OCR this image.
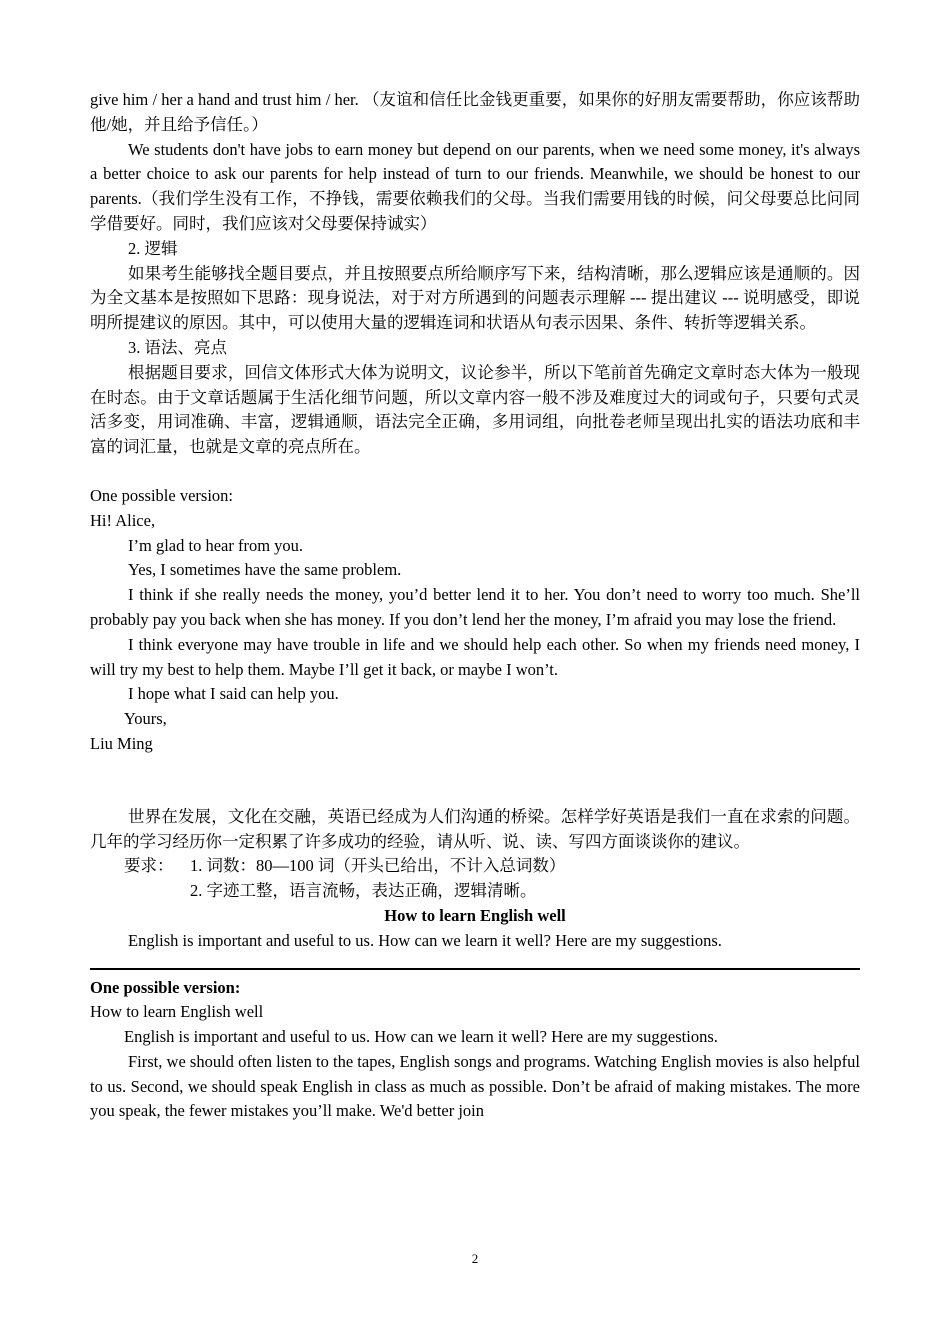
give him / her a hand and trust him / her. （友谊和信任比金钱更重要，如果你的好朋友需要帮助，你应该帮助他/她，并且给予信任。）

We students don't have jobs to earn money but depend on our parents, when we need some money, it's always a better choice to ask our parents for help instead of turn to our friends. Meanwhile, we should be honest to our parents.（我们学生没有工作，不挣钱，需要依赖我们的父母。当我们需要用钱的时候，问父母要总比问同学借要好。同时，我们应该对父母要保持诚实）

2. 逻辑

如果考生能够找全题目要点，并且按照要点所给顺序写下来，结构清晰，那么逻辑应该是通顺的。因为全文基本是按照如下思路：现身说法，对于对方所遇到的问题表示理解 --- 提出建议 --- 说明感受，即说明所提建议的原因。其中，可以使用大量的逻辑连词和状语从句表示因果、条件、转折等逻辑关系。

3. 语法、亮点

根据题目要求，回信文体形式大体为说明文，议论参半，所以下笔前首先确定文章时态大体为一般现在时态。由于文章话题属于生活化细节问题，所以文章内容一般不涉及难度过大的词或句子，只要句式灵活多变，用词准确、丰富，逻辑通顺，语法完全正确，多用词组，向批卷老师呈现出扎实的语法功底和丰富的词汇量，也就是文章的亮点所在。

One possible version:

Hi! Alice,

I’m glad to hear from you.

Yes, I sometimes have the same problem.

I think if she really needs the money, you’d better lend it to her. You don’t need to worry too much. She’ll probably pay you back when she has money. If you don’t lend her the money, I’m afraid you may lose the friend.

I think everyone may have trouble in life and we should help each other. So when my friends need money, I will try my best to help them. Maybe I’ll get it back, or maybe I won’t.

I hope what I said can help you.

Yours,

Liu Ming

世界在发展，文化在交融，英语已经成为人们沟通的桥梁。怎样学好英语是我们一直在求索的问题。几年的学习经历你一定积累了许多成功的经验，请从听、说、读、写四方面谈谈你的建议。

要求：	1. 词数：80—100 词（开头已给出，不计入总词数）

2. 字迹工整，语言流畅，表达正确，逻辑清晰。

How to learn English well

English is important and useful to us. How can we learn it well? Here are my suggestions.

One possible version:

How to learn English well

English is important and useful to us. How can we learn it well? Here are my suggestions.

First, we should often listen to the tapes, English songs and programs. Watching English movies is also helpful to us. Second, we should speak English in class as much as possible. Don’t be afraid of making mistakes. The more you speak, the fewer mistakes you’ll make. We'd better join

2
